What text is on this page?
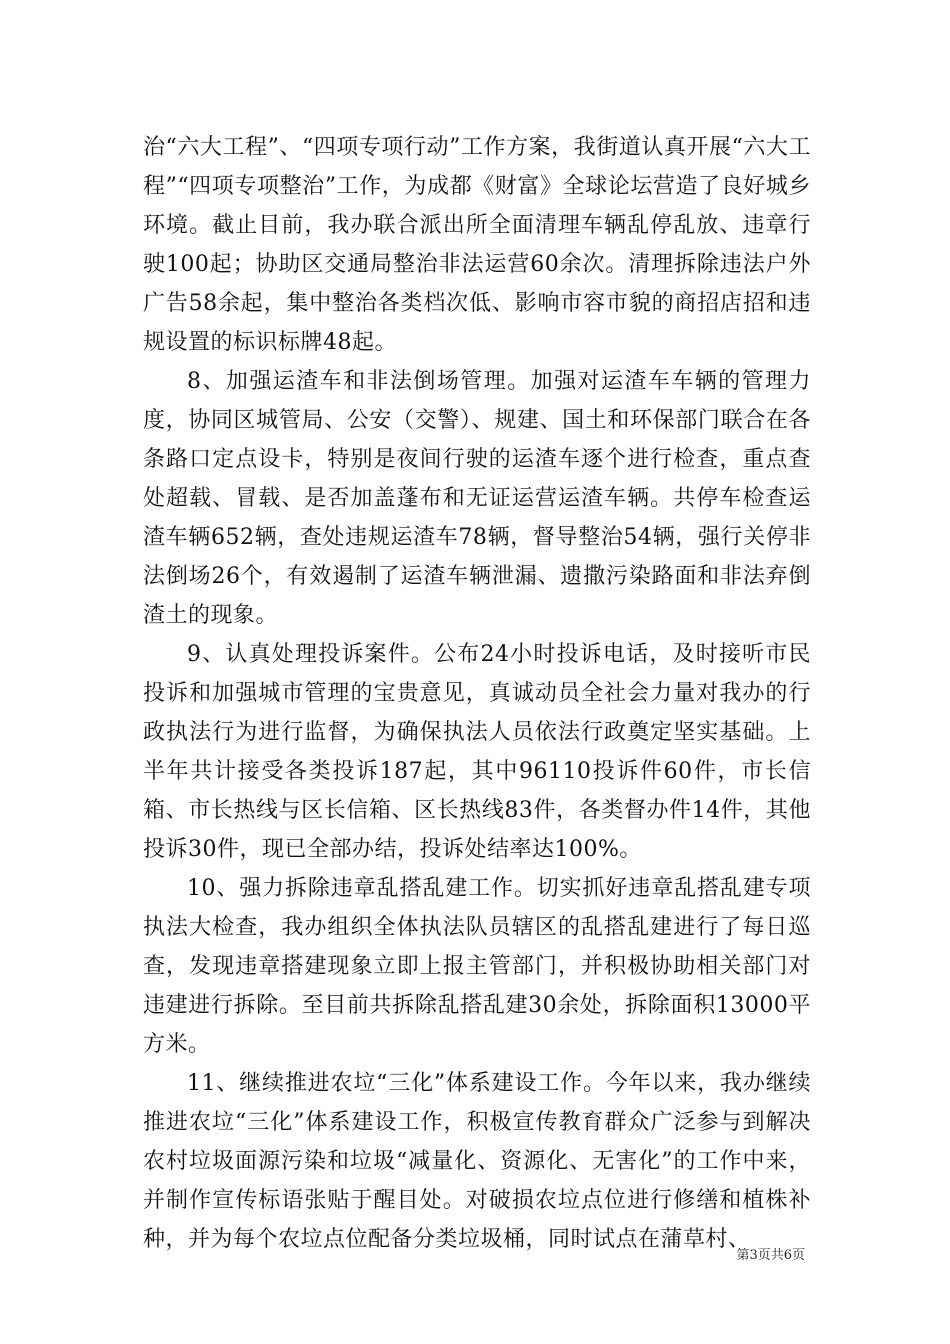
治“六大工程”、“四项专项行动”工作方案，我街道认真开展“六大工程”“四项专项整治”工作，为成都《财富》全球论坛营造了良好城乡环境。截止目前，我办联合派出所全面清理车辆乱停乱放、违章行驶100起；协助区交通局整治非法运营60余次。清理拆除违法户外广告58余起，集中整治各类档次低、影响市容市貌的商招店招和违规设置的标识标牌48起。

8、加强运渣车和非法倒场管理。加强对运渣车车辆的管理力度，协同区城管局、公安（交警）、规建、国土和环保部门联合在各条路口定点设卡，特别是夜间行驶的运渣车逐个进行检查，重点查处超载、冒载、是否加盖蓬布和无证运营运渣车辆。共停车检查运渣车辆652辆，查处违规运渣车78辆，督导整治54辆，强行关停非法倒场26个，有效遏制了运渣车辆泄漏、遗撒污染路面和非法弃倒渣土的现象。

9、认真处理投诉案件。公布24小时投诉电话，及时接听市民投诉和加强城市管理的宝贵意见，真诚动员全社会力量对我办的行政执法行为进行监督，为确保执法人员依法行政奠定坚实基础。上半年共计接受各类投诉187起，其中96110投诉件60件，市长信箱、市长热线与区长信箱、区长热线83件，各类督办件14件，其他投诉30件，现已全部办结，投诉处结率达100%。

10、强力拆除违章乱搭乱建工作。切实抓好违章乱搭乱建专项执法大检查，我办组织全体执法队员辖区的乱搭乱建进行了每日巡查，发现违章搭建现象立即上报主管部门，并积极协助相关部门对违建进行拆除。至目前共拆除乱搭乱建30余处，拆除面积13000平方米。

11、继续推进农垃“三化”体系建设工作。今年以来，我办继续推进农垃“三化”体系建设工作，积极宣传教育群众广泛参与到解决农村垃圾面源污染和垃圾“减量化、资源化、无害化”的工作中来，并制作宣传标语张贴于醒目处。对破损农垃点位进行修缮和植株补种，并为每个农垃点位配备分类垃圾桶，同时试点在蒲草村、

第3页共6页
